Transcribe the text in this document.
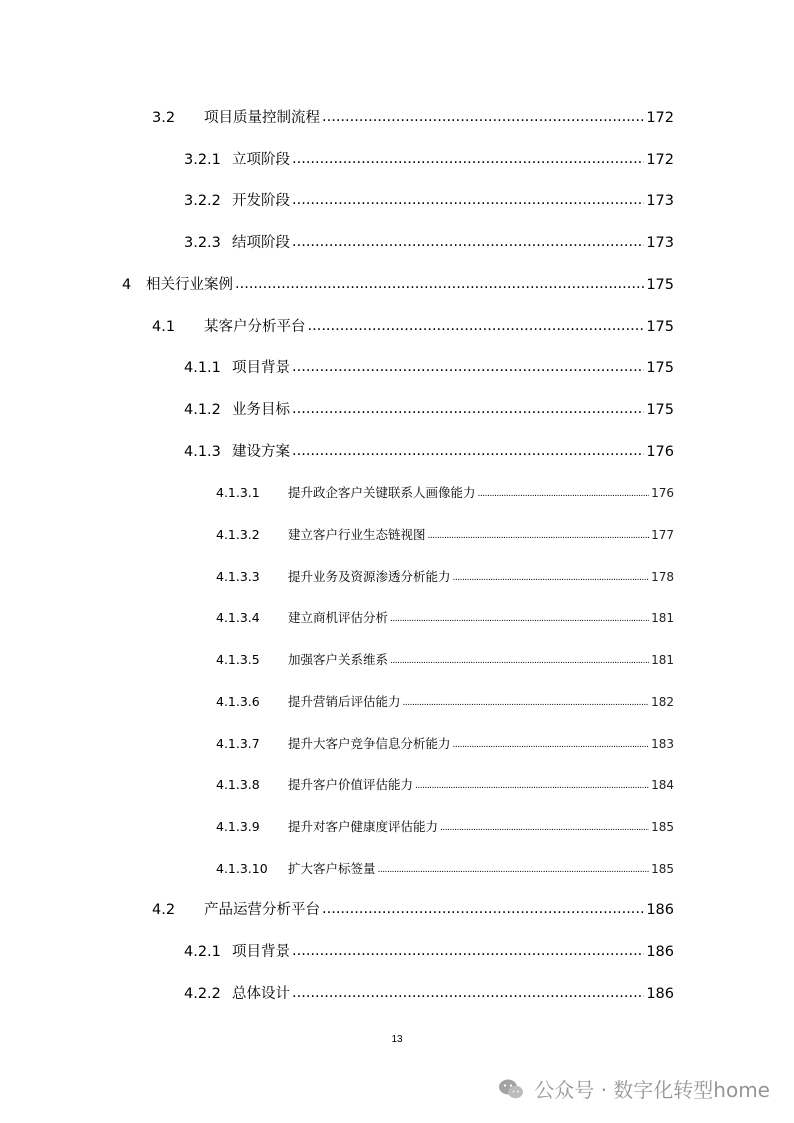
3.2	项目质量控制流程 .....	172
3.2.1 立项阶段 .....	172
3.2.2 开发阶段 .....	173
3.2.3 结项阶段 .....	173
4	相关行业案例 .....	175
4.1	某客户分析平台 .....	175
4.1.1 项目背景 .....	175
4.1.2 业务目标 .....	175
4.1.3 建设方案 .....	176
4.1.3.1	提升政企客户关键联系人画像能力 .....	176
4.1.3.2	建立客户行业生态链视图 .....	177
4.1.3.3	提升业务及资源渗透分析能力 .....	178
4.1.3.4	建立商机评估分析 .....	181
4.1.3.5	加强客户关系维系 .....	181
4.1.3.6	提升营销后评估能力 .....	182
4.1.3.7	提升大客户竞争信息分析能力 .....	183
4.1.3.8	提升客户价值评估能力 .....	184
4.1.3.9	提升对客户健康度评估能力 .....	185
4.1.3.10	扩大客户标签量 .....	185
4.2	产品运营分析平台 .....	186
4.2.1 项目背景 .....	186
4.2.2 总体设计 .....	186
13
公众号 · 数字化转型home
